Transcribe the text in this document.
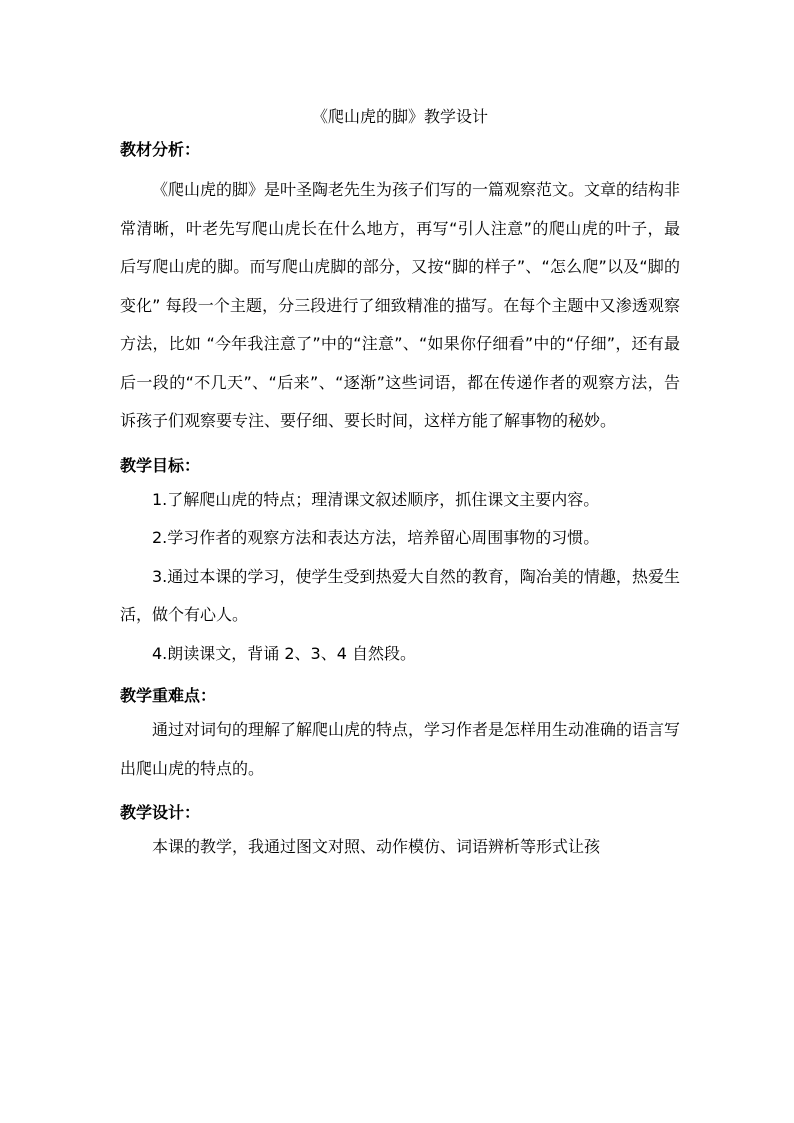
《爬山虎的脚》教学设计
教材分析：

《爬山虎的脚》是叶圣陶老先生为孩子们写的一篇观察范文。文章的结构非常清晰，叶老先写爬山虎长在什么地方，再写“引人注意”的爬山虎的叶子，最后写爬山虎的脚。而写爬山虎脚的部分，又按“脚的样子”、“怎么爬”以及“脚的变化” 每段一个主题，分三段进行了细致精准的描写。在每个主题中又渗透观察方法，比如 “今年我注意了”中的“注意”、“如果你仔细看”中的“仔细”，还有最后一段的“不几天”、“后来”、“逐渐”这些词语，都在传递作者的观察方法，告诉孩子们观察要专注、要仔细、要长时间，这样方能了解事物的秘妙。

教学目标：

1.了解爬山虎的特点；理清课文叙述顺序，抓住课文主要内容。

2.学习作者的观察方法和表达方法，培养留心周围事物的习惯。

3.通过本课的学习，使学生受到热爱大自然的教育，陶冶美的情趣，热爱生活，做个有心人。

4.朗读课文，背诵 2、3、4 自然段。

教学重难点：

通过对词句的理解了解爬山虎的特点，学习作者是怎样用生动准确的语言写出爬山虎的特点的。

教学设计：

本课的教学，我通过图文对照、动作模仿、词语辨析等形式让孩
